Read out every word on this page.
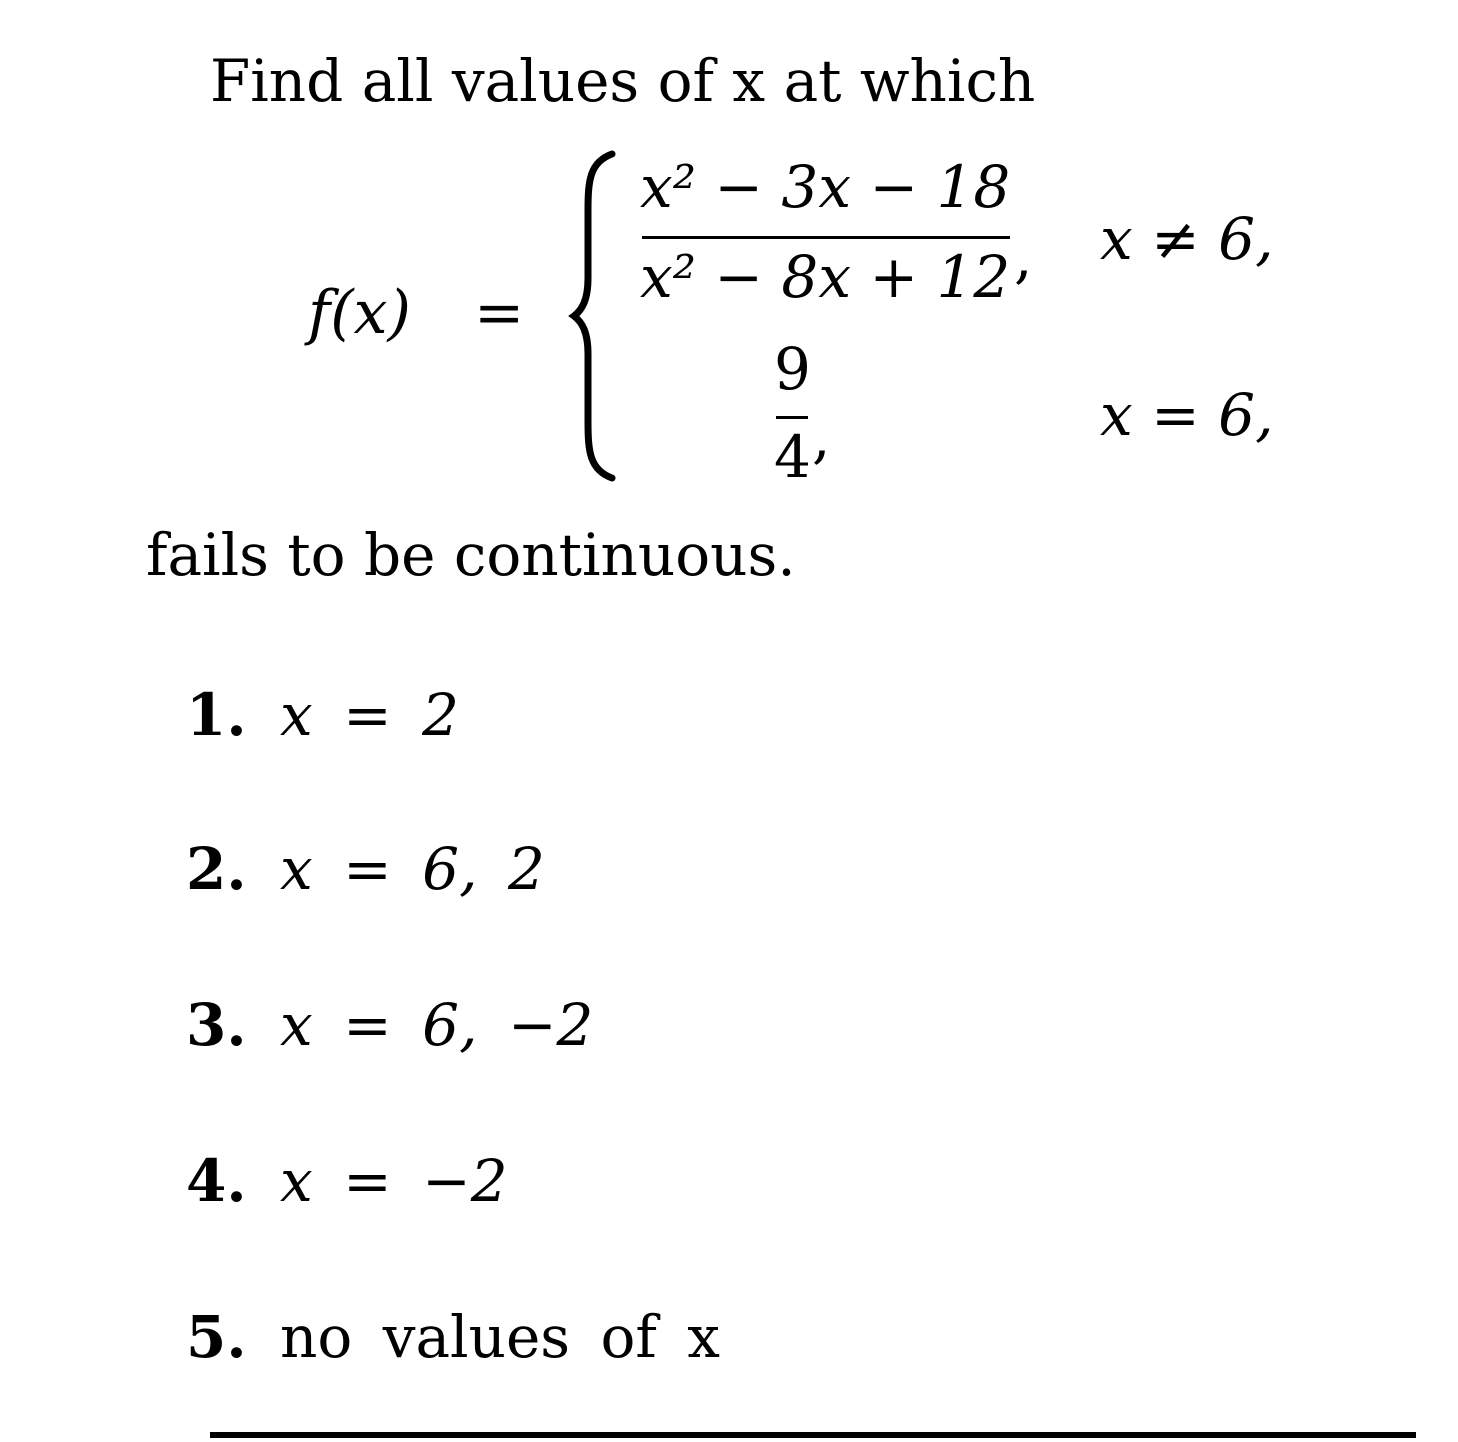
Find all values of x at which
f(x) =
x² − 3x − 18
x² − 8x + 12 , x ≠ 6,
9
4 ,	x = 6,
fails to be continuous.
1. x = 2
2. x = 6, 2
3. x = 6, −2
4. x = −2
5. no values of x
